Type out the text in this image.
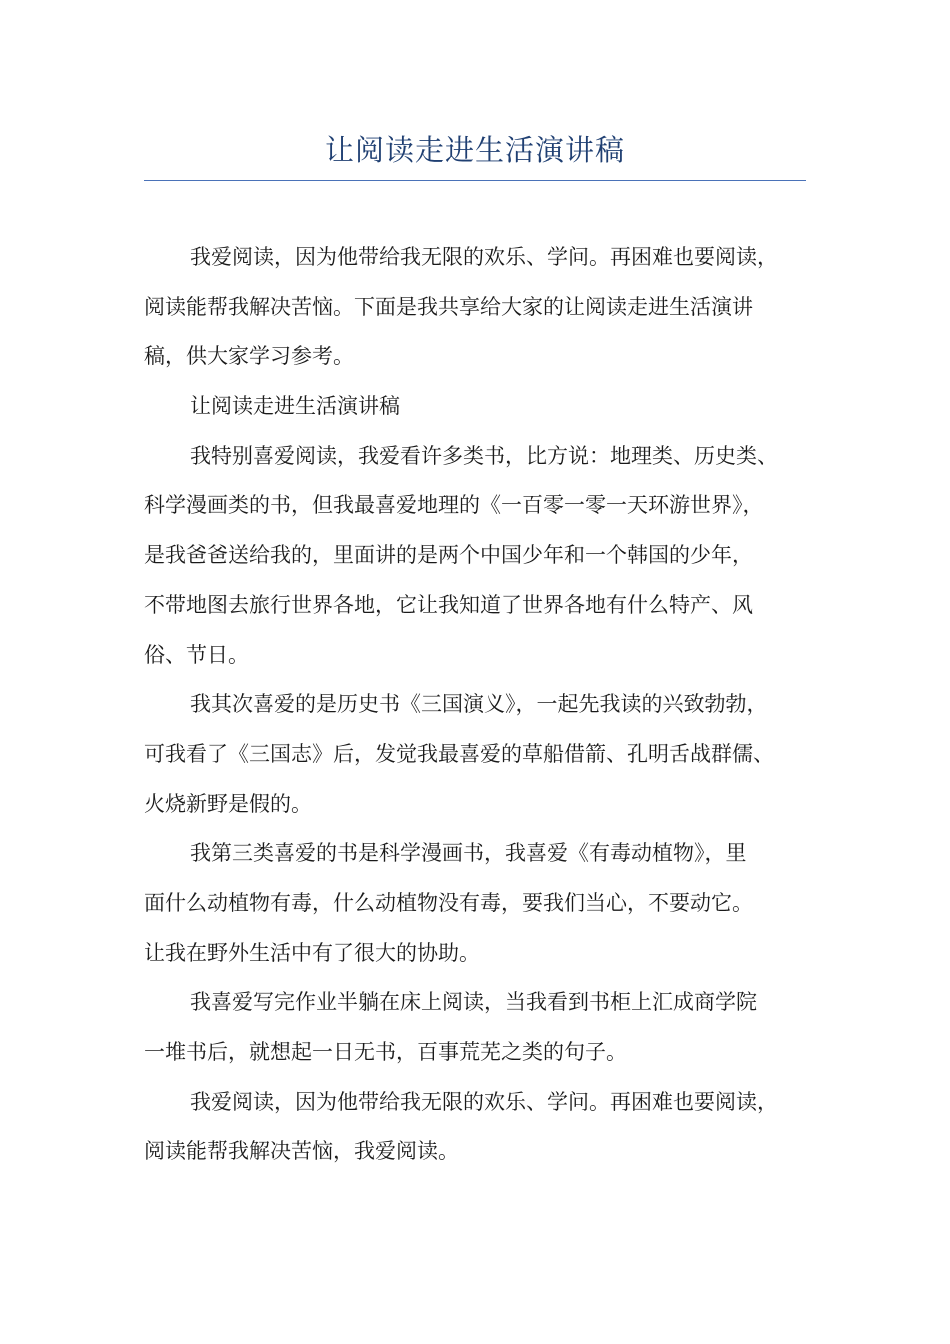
让阅读走进生活演讲稿
我爱阅读，因为他带给我无限的欢乐、学问。再困难也要阅读，
阅读能帮我解决苦恼。下面是我共享给大家的让阅读走进生活演讲
稿，供大家学习参考。
让阅读走进生活演讲稿
我特别喜爱阅读，我爱看许多类书，比方说：地理类、历史类、
科学漫画类的书，但我最喜爱地理的《一百零一零一天环游世界》，
是我爸爸送给我的，里面讲的是两个中国少年和一个韩国的少年，
不带地图去旅行世界各地，它让我知道了世界各地有什么特产、风
俗、节日。
我其次喜爱的是历史书《三国演义》，一起先我读的兴致勃勃，
可我看了《三国志》后，发觉我最喜爱的草船借箭、孔明舌战群儒、
火烧新野是假的。
我第三类喜爱的书是科学漫画书，我喜爱《有毒动植物》，里
面什么动植物有毒，什么动植物没有毒，要我们当心，不要动它。
让我在野外生活中有了很大的协助。
我喜爱写完作业半躺在床上阅读，当我看到书柜上汇成商学院
一堆书后，就想起一日无书，百事荒芜之类的句子。
我爱阅读，因为他带给我无限的欢乐、学问。再困难也要阅读，
阅读能帮我解决苦恼，我爱阅读。
